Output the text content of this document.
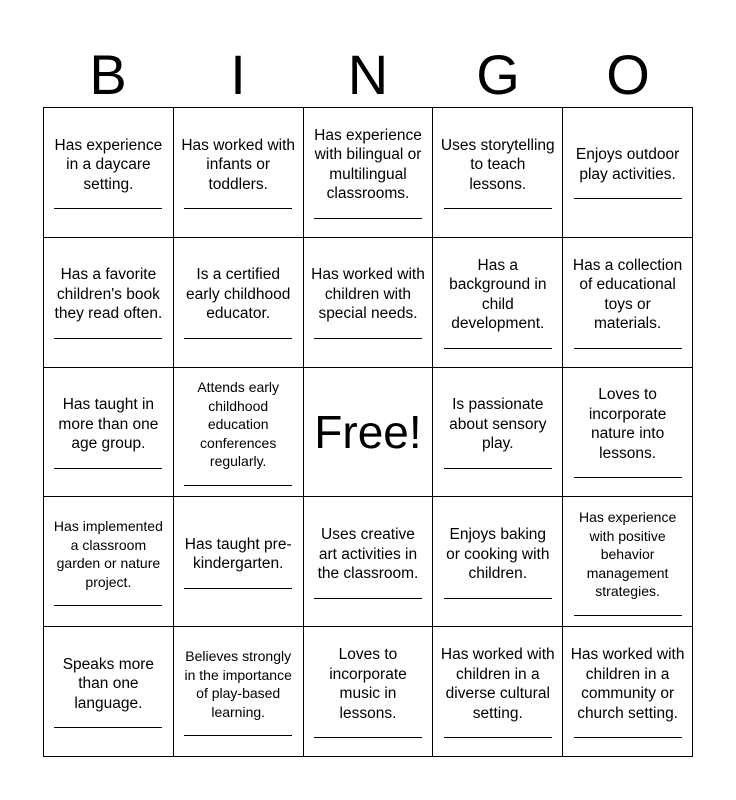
B	I	N	G	O
Has experience in a daycare setting.
Has worked with infants or toddlers.
Has experience with bilingual or multilingual classrooms.
Uses storytelling to teach lessons.
Enjoys outdoor play activities.
Has a favorite children's book they read often.
Is a certified early childhood educator.
Has worked with children with special needs.
Has a background in child development.
Has a collection of educational toys or materials.
Has taught in more than one age group.
Attends early childhood education conferences regularly.
Free!
Is passionate about sensory play.
Loves to incorporate nature into lessons.
Has implemented a classroom garden or nature project.
Has taught pre-kindergarten.
Uses creative art activities in the classroom.
Enjoys baking or cooking with children.
Has experience with positive behavior management strategies.
Speaks more than one language.
Believes strongly in the importance of play-based learning.
Loves to incorporate music in lessons.
Has worked with children in a diverse cultural setting.
Has worked with children in a community or church setting.
